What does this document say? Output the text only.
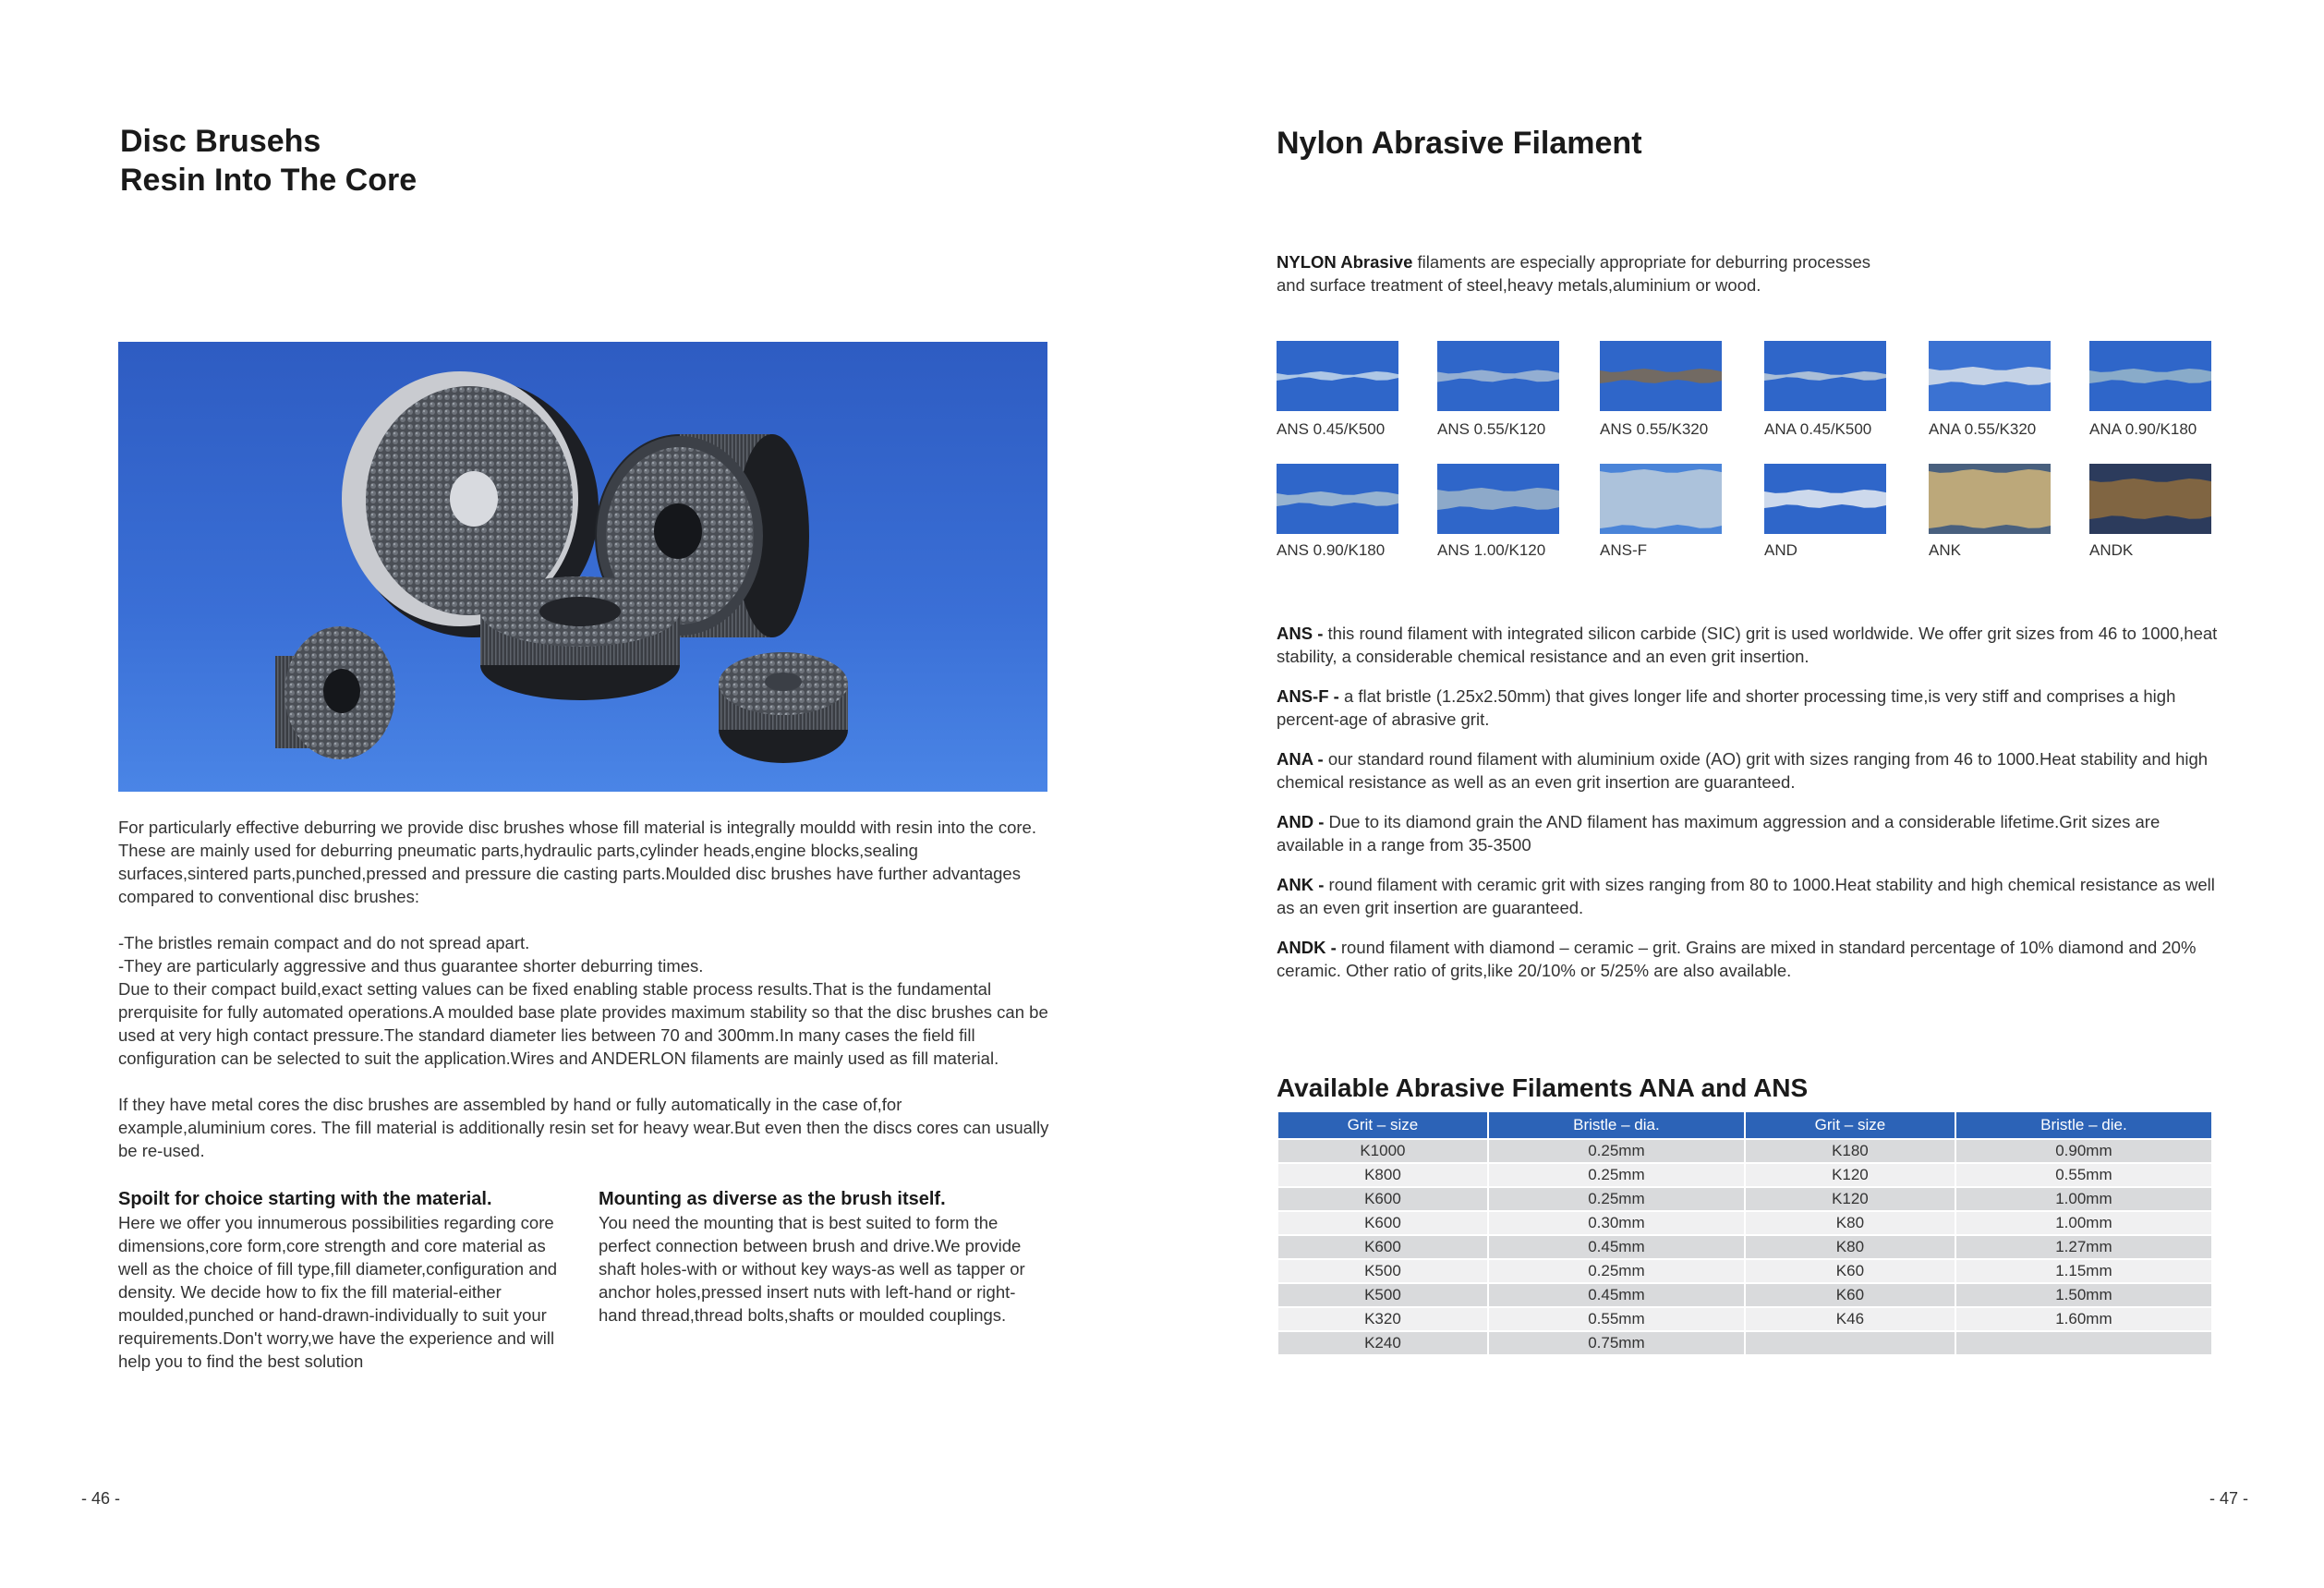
Disc Brusehs
Resin Into The Core

For particularly effective deburring we provide disc brushes whose fill material is integrally mouldd with resin into the core. These are mainly used for deburring pneumatic parts,hydraulic parts,cylinder heads,engine blocks,sealing surfaces,sintered parts,punched,pressed and pressure die casting parts.Moulded disc brushes have further advantages compared to conventional disc brushes:

-The bristles remain compact and do not spread apart.

-They are particularly aggressive and thus guarantee shorter deburring times.

Due to their compact build,exact setting values can be fixed enabling stable process results.That is the fundamental prerquisite for fully automated operations.A moulded base plate provides maximum stability so that the disc brushes can be used at very high contact pressure.The standard diameter lies between 70 and 300mm.In many cases the field fill configuration can be selected to suit the application.Wires and ANDERLON filaments are mainly used as fill material.

If they have metal cores the disc brushes are assembled by hand or fully automatically in the case of,for example,aluminium cores. The fill material is additionally resin set for heavy wear.But even then the discs cores can usually be re-used.

Spoilt for choice starting with the material.
Here we offer you innumerous possibilities regarding core dimensions,core form,core strength and core material as well as the choice of fill type,fill diameter,configuration and density. We decide how to fix the fill material-either moulded,punched or hand-drawn-individually to suit your requirements.Don't worry,we have the experience and will help you to find the best solution
Mounting as diverse as the brush itself.
You need the mounting that is best suited to form the perfect connection between brush and drive.We provide shaft holes-with or without key ways-as well as tapper or anchor holes,pressed insert nuts with left-hand or right-hand thread,thread bolts,shafts or moulded couplings.
- 46 -
Nylon Abrasive Filament
NYLON Abrasive filaments are especially appropriate for deburring processes
and surface treatment of steel,heavy metals,aluminium or wood.
ANS 0.45/K500	ANS 0.55/K120	ANS 0.55/K320	ANA 0.45/K500	ANA 0.55/K320	ANA 0.90/K180
ANS 0.90/K180	ANS 1.00/K120	ANS-F	AND	ANK	ANDK
ANS - this round filament with integrated silicon carbide (SIC) grit is used worldwide. We offer grit sizes from 46 to 1000,heat stability, a considerable chemical resistance and an even grit insertion.
ANS-F - a flat bristle (1.25x2.50mm) that gives longer life and shorter processing time,is very stiff and comprises a high percent-age of abrasive grit.
ANA - our standard round filament with aluminium oxide (AO) grit with sizes ranging from 46 to 1000.Heat stability and high chemical resistance as well as an even grit insertion are guaranteed.
AND - Due to its diamond grain the AND filament has maximum aggression and a considerable lifetime.Grit sizes are available in a range from 35-3500
ANK - round filament with ceramic grit with sizes ranging from 80 to 1000.Heat stability and high chemical resistance as well as an even grit insertion are guaranteed.
ANDK - round filament with diamond – ceramic – grit. Grains are mixed in standard percentage of 10% diamond and 20% ceramic. Other ratio of grits,like 20/10% or 5/25% are also available.
Available Abrasive Filaments ANA and ANS
Grit – size	Bristle – dia.	Grit – size	Bristle – die.
K1000	0.25mm	K180	0.90mm
K800	0.25mm	K120	0.55mm
K600	0.25mm	K120	1.00mm
K600	0.30mm	K80	1.00mm
K600	0.45mm	K80	1.27mm
K500	0.25mm	K60	1.15mm
K500	0.45mm	K60	1.50mm
K320	0.55mm	K46	1.60mm
K240	0.75mm		
- 47 -
